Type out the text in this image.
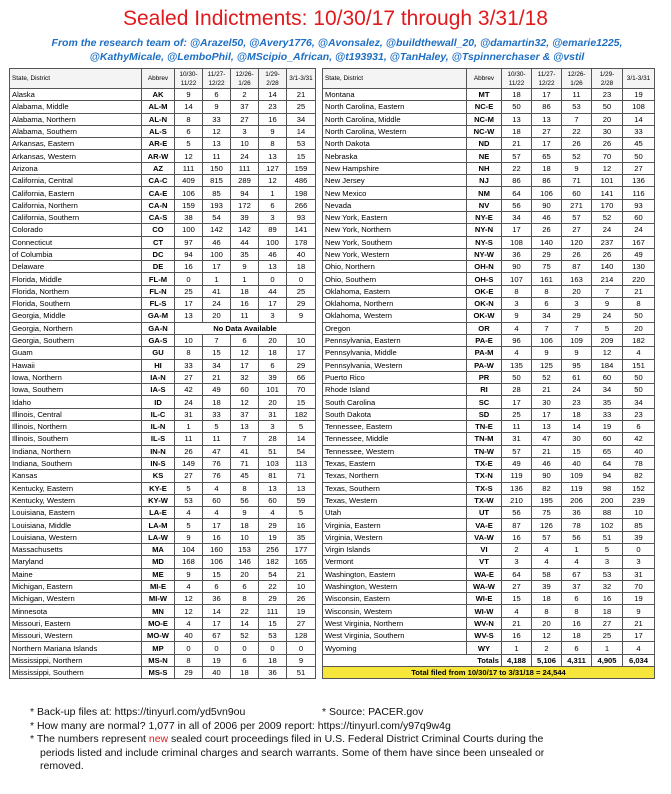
Sealed Indictments: 10/30/17 through 3/31/18
From the research team of: @Arazel50, @Avery1776, @Avonsalez, @buildthewall_20, @damartin32, @emarie1225, @KathyMicale, @LemboPhil, @MScipio_African, @t193931, @TanHaley, @Tspinnerchaser & @vstil
State, District	Abbrev	10/30-11/22	11/27-12/22	12/26-1/26	1/29-2/28	3/1-3/31
Alaska	AK	9	6	2	14	21
Alabama, Middle	AL-M	14	9	37	23	25
Alabama, Northern	AL-N	8	33	27	16	34
Alabama, Southern	AL-S	6	12	3	9	14
Arkansas, Eastern	AR-E	5	13	10	8	53
Arkansas, Western	AR-W	12	11	24	13	15
Arizona	AZ	111	150	111	127	159
California, Central	CA-C	409	815	289	12	486
California, Eastern	CA-E	106	85	94	1	198
California, Northern	CA-N	159	193	172	6	266
California, Southern	CA-S	38	54	39	3	93
Colorado	CO	100	142	142	89	141
Connecticut	CT	97	46	44	100	178
of Columbia	DC	94	100	35	46	40
Delaware	DE	16	17	9	13	18
Florida, Middle	FL-M	0	1	1	0	0
Florida, Northern	FL-N	25	41	18	44	25
Florida, Southern	FL-S	17	24	16	17	29
Georgia, Middle	GA-M	13	20	11	3	9
Georgia, Northern	GA-N	No Data Available				
Georgia, Southern	GA-S	10	7	6	20	10
Guam	GU	8	15	12	18	17
Hawaii	HI	33	34	17	6	29
Iowa, Northern	IA-N	27	21	32	39	66
Iowa, Southern	IA-S	42	49	60	101	70
Idaho	ID	24	18	12	20	15
Illinois, Central	IL-C	31	33	37	31	182
Illinois, Northern	IL-N	1	5	13	3	5
Illinois, Southern	IL-S	11	11	7	28	14
Indiana, Northern	IN-N	26	47	41	51	54
Indiana, Southern	IN-S	149	76	71	103	113
Kansas	KS	27	76	45	81	71
Kentucky, Eastern	KY-E	5	4	8	13	13
Kentucky, Western	KY-W	53	60	56	60	59
Louisiana, Eastern	LA-E	4	4	9	4	5
Louisiana, Middle	LA-M	5	17	18	29	16
Louisiana, Western	LA-W	9	16	10	19	35
Massachusetts	MA	104	160	153	256	177
Maryland	MD	168	106	146	182	165
Maine	ME	9	15	20	54	21
Michigan, Eastern	MI-E	4	6	6	22	10
Michigan, Western	MI-W	12	36	8	29	26
Minnesota	MN	12	14	22	111	19
Missouri, Eastern	MO-E	4	17	14	15	27
Missouri, Western	MO-W	40	67	52	53	128
Northern Mariana Islands	MP	0	0	0	0	0
Mississippi, Northern	MS-N	8	19	6	18	9
Mississippi, Southern	MS-S	29	40	18	36	51
State, District	Abbrev	10/30-11/22	11/27-12/22	12/26-1/26	1/29-2/28	3/1-3/31
Montana	MT	18	17	11	23	19
North Carolina, Eastern	NC-E	50	86	53	50	108
North Carolina, Middle	NC-M	13	13	7	20	14
North Carolina, Western	NC-W	18	27	22	30	33
North Dakota	ND	21	17	26	26	45
Nebraska	NE	57	65	52	70	50
New Hampshire	NH	22	18	9	12	27
New Jersey	NJ	86	86	71	101	136
New Mexico	NM	64	106	60	141	116
Nevada	NV	56	90	271	170	93
New York, Eastern	NY-E	34	46	57	52	60
New York, Northern	NY-N	17	26	27	24	24
New York, Southern	NY-S	108	140	120	237	167
New York, Western	NY-W	36	29	26	26	49
Ohio, Northern	OH-N	90	75	87	140	130
Ohio, Southern	OH-S	107	161	163	214	220
Oklahoma, Eastern	OK-E	8	8	20	7	21
Oklahoma, Northern	OK-N	3	6	3	9	8
Oklahoma, Western	OK-W	9	34	29	24	50
Oregon	OR	4	7	7	5	20
Pennsylvania, Eastern	PA-E	96	106	109	209	182
Pennsylvania, Middle	PA-M	4	9	9	12	4
Pennsylvania, Western	PA-W	135	125	95	184	151
Puerto Rico	PR	50	52	61	60	50
Rhode Island	RI	28	21	24	34	50
South Carolina	SC	17	30	23	35	34
South Dakota	SD	25	17	18	33	23
Tennessee, Eastern	TN-E	11	13	14	19	6
Tennessee, Middle	TN-M	31	47	30	60	42
Tennessee, Western	TN-W	57	21	15	65	40
Texas, Eastern	TX-E	49	46	40	64	78
Texas, Northern	TX-N	119	90	109	94	82
Texas, Southern	TX-S	136	82	119	98	152
Texas, Western	TX-W	210	195	206	200	239
Utah	UT	56	75	36	88	10
Virginia, Eastern	VA-E	87	126	78	102	85
Virginia, Western	VA-W	16	57	56	51	39
Virgin Islands	VI	2	4	1	5	0
Vermont	VT	3	4	4	3	3
Washington, Eastern	WA-E	64	58	67	53	31
Washington, Western	WA-W	27	39	37	32	70
Wisconsin, Eastern	WI-E	15	18	6	16	19
Wisconsin, Western	WI-W	4	8	8	18	9
West Virginia, Northern	WV-N	21	20	16	27	21
West Virginia, Southern	WV-S	16	12	18	25	17
Wyoming	WY	1	2	6	1	4
Totals		4,188	5,106	4,311	4,905	6,034
Total filed from 10/30/17 to 3/31/18 = 24,544						
* Back-up files at: https://tinyurl.com/yd5vn9ou	* Source: PACER.gov
* How many are normal? 1,077 in all of 2006 per 2009 report: https://tinyurl.com/y97q9w4g
* The numbers represent new sealed court proceedings filed in U.S. Federal District Criminal Courts during the
periods listed and include criminal charges and search warrants. Some of them have since been unsealed or
removed.
